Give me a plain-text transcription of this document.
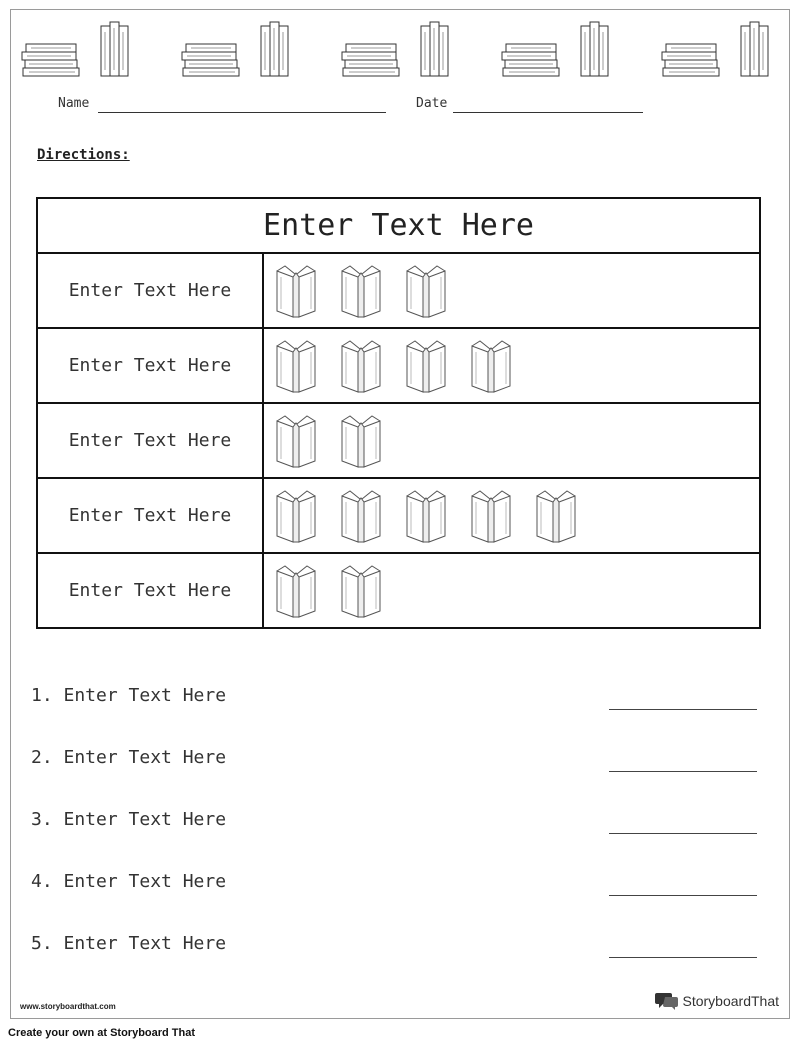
Name	Date
Directions:
Enter Text Here
Enter Text Here
Enter Text Here
Enter Text Here
Enter Text Here
Enter Text Here
www.storyboardthat.com	StoryboardThat
1. Enter Text Here
2. Enter Text Here
3. Enter Text Here
4. Enter Text Here
5. Enter Text Here
Create your own at Storyboard That
